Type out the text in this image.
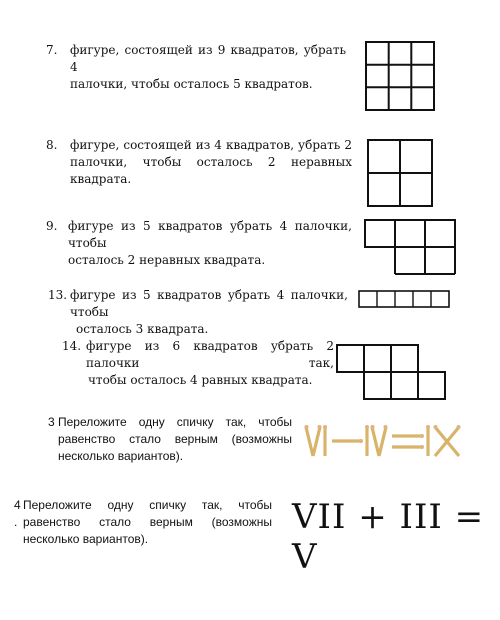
7. фигуре, состоящей из 9 квадратов, убрать 4
палочки, чтобы осталось 5 квадратов.
8. фигуре, состоящей из 4 квадратов, убрать 2
палочки, чтобы осталось 2 неравных квадрата.
9. фигуре из 5 квадратов убрать 4 палочки, чтобы
осталось 2 неравных квадрата.
13. фигуре из 5 квадратов убрать 4 палочки, чтобы
осталось 3 квадрата.
14. фигуре из 6 квадратов убрать 2 палочки так,
чтобы осталось 4 равных квадрата.
3 Переложите одну спичку так, чтобы
равенство стало верным (возможны
несколько вариантов).
4
.
Переложите одну спичку так, чтобы
равенство стало верным (возможны
несколько вариантов).
VII + III = V
